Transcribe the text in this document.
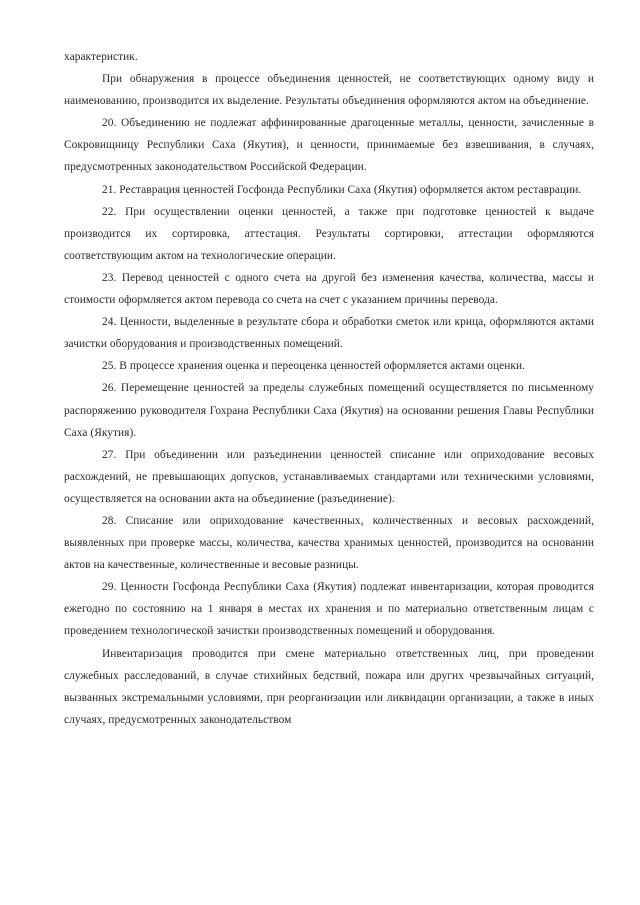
характеристик.

При обнаружения в процессе объединения ценностей, не соответствующих одному виду и наименованию, производится их выделение. Результаты объединения оформляются актом на объединение.

20. Объединению не подлежат аффинированные драгоценные металлы, ценности, зачисленные в Сокровищницу Республики Саха (Якутия), и ценности, принимаемые без взвешивания, в случаях, предусмотренных законодательством Российской Федерации.

21. Реставрация ценностей Госфонда Республики Саха (Якутия) оформляется актом реставрации.

22. При осуществлении оценки ценностей, а также при подготовке ценностей к выдаче производится их сортировка, аттестация. Результаты сортировки, аттестации оформляются соответствующим актом на технологические операции.

23. Перевод ценностей с одного счета на другой без изменения качества, количества, массы и стоимости оформляется актом перевода со счета на счет с указанием причины перевода.

24. Ценности, выделенные в результате сбора и обработки сметок или крица, оформляются актами зачистки оборудования и производственных помещений.

25. В процессе хранения оценка и переоценка ценностей оформляется актами оценки.

26. Перемещение ценностей за пределы служебных помещений осуществляется по письменному распоряжению руководителя Гохрана Республики Саха (Якутия) на основании решения Главы Республики Саха (Якутия).

27. При объединении или разъединении ценностей списание или оприходование весовых расхождений, не превышающих допусков, устанавливаемых стандартами или техническими условиями, осуществляется на основании акта на объединение (разъединение).

28. Списание или оприходование качественных, количественных и весовых расхождений, выявленных при проверке массы, количества, качества хранимых ценностей, производится на основании актов на качественные, количественные и весовые разницы.

29. Ценности Госфонда Республики Саха (Якутия) подлежат инвентаризации, которая проводится ежегодно по состоянию на 1 января в местах их хранения и по материально ответственным лицам с проведением технологической зачистки производственных помещений и оборудования.

Инвентаризация проводится при смене материально ответственных лиц, при проведении служебных расследований, в случае стихийных бедствий, пожара или других чрезвычайных ситуаций, вызванных экстремальными условиями, при реорганизации или ликвидации организации, а также в иных случаях, предусмотренных законодательством
